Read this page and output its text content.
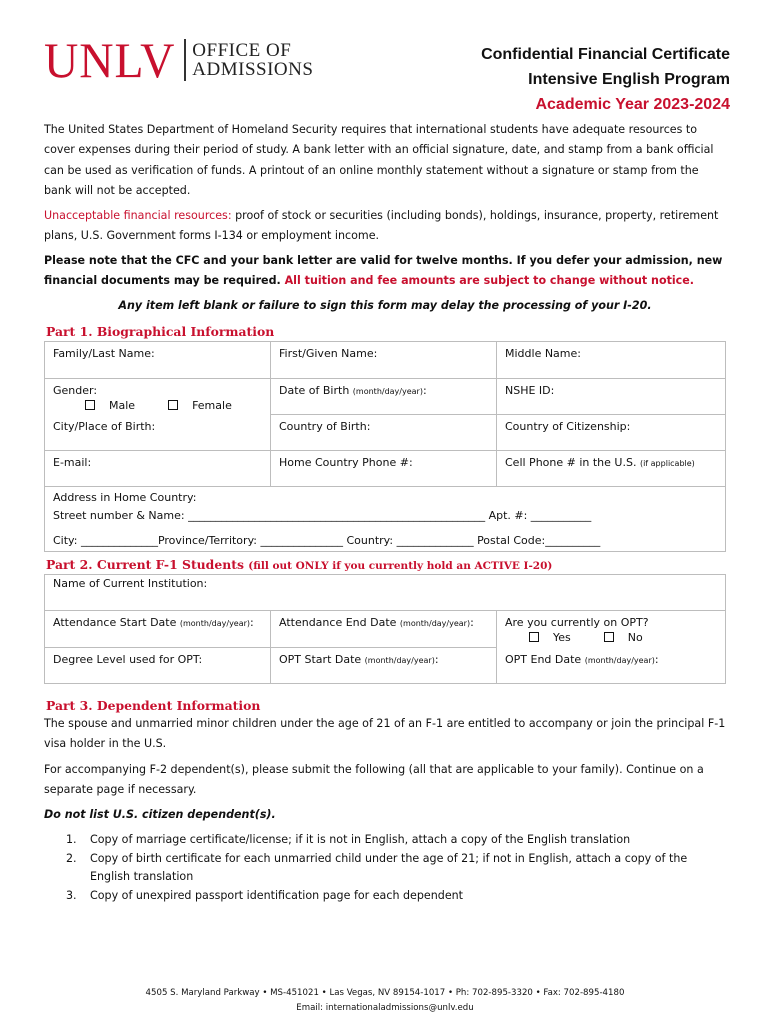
UNLV OFFICE OF
ADMISSIONS
Confidential Financial Certificate
Intensive English Program
Academic Year 2023-2024
The United States Department of Homeland Security requires that international students have adequate resources to cover expenses during their period of study. A bank letter with an official signature, date, and stamp from a bank official can be used as verification of funds. A printout of an online monthly statement without a signature or stamp from the bank will not be accepted.
Unacceptable financial resources: proof of stock or securities (including bonds), holdings, insurance, property, retirement plans, U.S. Government forms I-134 or employment income.
Please note that the CFC and your bank letter are valid for twelve months. If you defer your admission, new financial documents may be required. All tuition and fee amounts are subject to change without notice.
Any item left blank or failure to sign this form may delay the processing of your I-20.
Part 1. Biographical Information
Family/Last Name:	First/Given Name:	Middle Name:

Gender:
Male Female	Date of Birth (month/day/year):	NSHE ID:
City/Place of Birth:	Country of Birth:	Country of Citizenship:
E-mail:	Home Country Phone #:	Cell Phone # in the U.S. (if applicable)

Address in Home Country:
Street number & Name: ______________________________________________________ Apt. #: ___________
City: ______________Province/Territory: _______________ Country: ______________ Postal Code:__________		
Part 2. Current F-1 Students (fill out ONLY if you currently hold an ACTIVE I-20)
Name of Current Institution:		
Attendance Start Date (month/day/year):	Attendance End Date (month/day/year):	Are you currently on OPT?
Yes No

Degree Level used for OPT:	OPT Start Date (month/day/year):	OPT End Date (month/day/year):
Part 3. Dependent Information
The spouse and unmarried minor children under the age of 21 of an F-1 are entitled to accompany or join the principal F-1 visa holder in the U.S.
For accompanying F-2 dependent(s), please submit the following (all that are applicable to your family). Continue on a separate page if necessary.
Do not list U.S. citizen dependent(s).
1.	Copy of marriage certificate/license; if it is not in English, attach a copy of the English translation
2.	Copy of birth certificate for each unmarried child under the age of 21; if not in English, attach a copy of the English translation
3.	Copy of unexpired passport identification page for each dependent
4505 S. Maryland Parkway • MS-451021 • Las Vegas, NV 89154-1017 • Ph: 702-895-3320 • Fax: 702-895-4180
Email: internationaladmissions@unlv.edu
